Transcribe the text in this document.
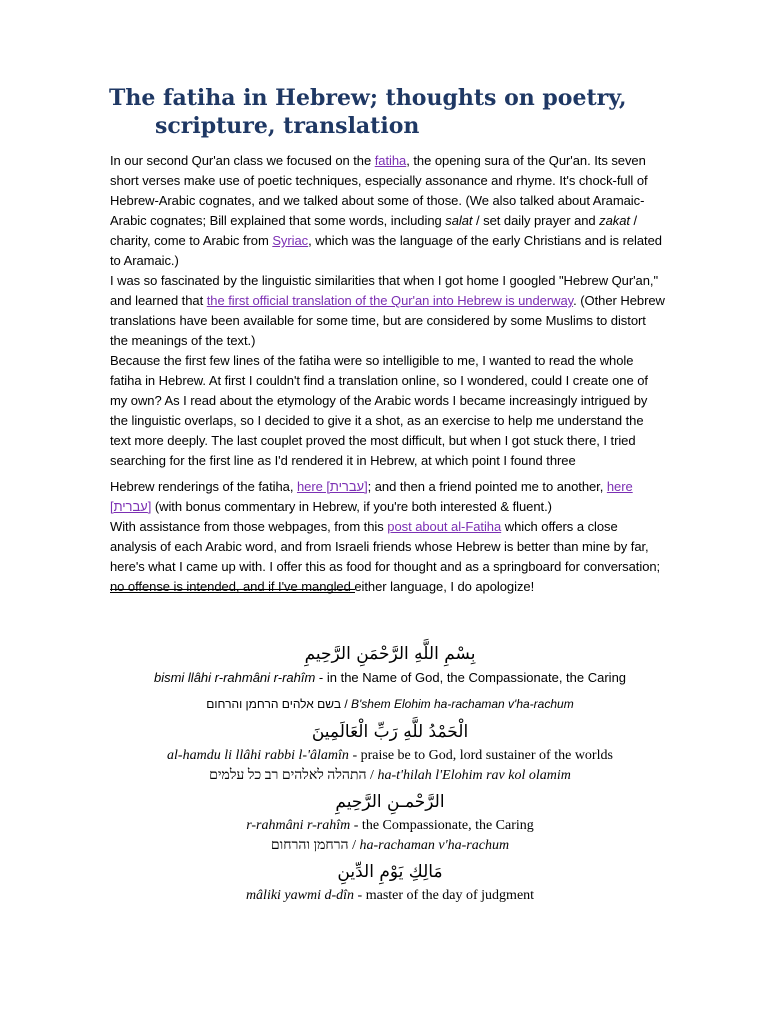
The fatiha in Hebrew; thoughts on poetry,
scripture, translation

In our second Qur'an class we focused on the fatiha, the opening sura of the Qur'an. Its seven short verses make use of poetic techniques, especially assonance and rhyme. It's chock-full of Hebrew-Arabic cognates, and we talked about some of those. (We also talked about Aramaic-Arabic cognates; Bill explained that some words, including salat / set daily prayer and zakat / charity, come to Arabic from Syriac, which was the language of the early Christians and is related to Aramaic.)

I was so fascinated by the linguistic similarities that when I got home I googled "Hebrew Qur'an," and learned that the first official translation of the Qur'an into Hebrew is underway. (Other Hebrew translations have been available for some time, but are considered by some Muslims to distort the meanings of the text.)

Because the first few lines of the fatiha were so intelligible to me, I wanted to read the whole fatiha in Hebrew. At first I couldn't find a translation online, so I wondered, could I create one of my own? As I read about the etymology of the Arabic words I became increasingly intrigued by the linguistic overlaps, so I decided to give it a shot, as an exercise to help me understand the text more deeply. The last couplet proved the most difficult, but when I got stuck there, I tried searching for the first line as I'd rendered it in Hebrew, at which point I found three

Hebrew renderings of the fatiha, here [עברית]; and then a friend pointed me to another, here [עברית] (with bonus commentary in Hebrew, if you're both interested & fluent.)

With assistance from those webpages, from this post about al-Fatiha which offers a close analysis of each Arabic word, and from Israeli friends whose Hebrew is better than mine by far, here's what I came up with. I offer this as food for thought and as a springboard for conversation; no offense is intended, and if I've mangled either language, I do apologize!

بِسْمِ اللَّهِ الرَّحْمَنِ الرَّحِيمِ
bismi llâhi r-rahmâni r-rahîm - in the Name of God, the Compassionate, the Caring
בשם אלהים הרחמן והרחום / B'shem Elohim ha-rachaman v'ha-rachum
الْحَمْدُ للَّهِ رَبِّ الْعَالَمِينَ
al-hamdu li llâhi rabbi l-'âlamîn - praise be to God, lord sustainer of the worlds
התהלה לאלהים רב כל עלמים / ha-t'hilah l'Elohim rav kol olamim
الرَّحْمـنِ الرَّحِيمِ
r-rahmâni r-rahîm - the Compassionate, the Caring
הרחמן והרחום / ha-rachaman v'ha-rachum
مَالِكِ يَوْمِ الدِّينِ
mâliki yawmi d-dîn - master of the day of judgment
